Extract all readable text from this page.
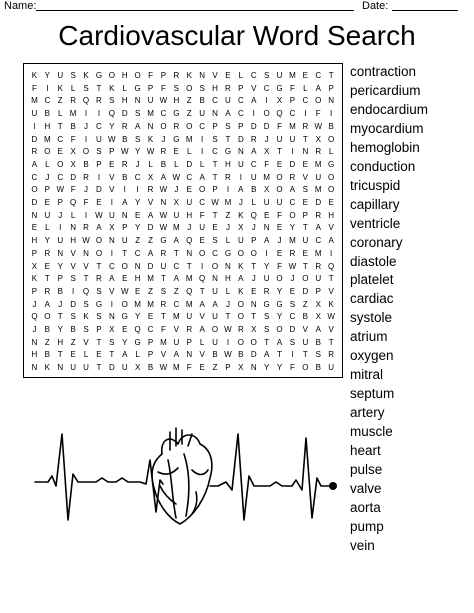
Name:	Date:
Cardiovascular Word Search
K Y U S K G O H O F P R K N V E	L C S U M E C T
F	I	K	L	S T K	L G P F S O S H R P V C G F	L	A P
M C Z R Q R S H N U W H Z B C U C A	I	X P C O N
U B	L M	I	I	Q D S M C G Z U N A C	I	O Q C	I	F	I
I	H T B	J	C Y R A N O R O C P S P D D F M R W B
D M C F	I	U W B S K	J G M	I	S T D R	J	U U T X O
R O E X O S P W Y W R E	L	I	C G N A X T	I	N R L
A	L O X B P E R	J	L	B	L D L	T H U C F E D E M G
C	J	C D R	I	V B C X A W C A T R	I	U M O R V U O
O P W F	J	D V	I	I	R W J	E O P	I	A B X O A S M O
D E P Q F E	I	A Y V N X U C W M J	L U U C E D E
N U	J	L	I	W U N E A W U H F	T	Z K Q E F O P R H
E	L	I	N R A X P Y D W M J	U E	J	X	J	N E Y T A V
H Y U H W O N U Z	Z G A Q E S	L U P A	J M U C A
P R N V N O	I	T C A R T N O C G O O	I	E R E M	I
X E Y V V T C O N D U C T	I	O N K T Y F W T R Q
K T P S T R A E H M T A M Q N H A	J	U O J O U T
P R B	I	Q S V W E Z S Z Q T U L K E R Y E D P V
J	A	J	D S G	I	O M M R C M A A	J O N G G S Z X K
Q O T S K S N G Y E T M U V U T O T S Y C B X W
J	B Y B S P X E Q C F V R A O W R X S O D V A V
N Z H Z V T S Y G P M U P	L U	I	O O T A S U B T
H B T E	L	E T A	L	P V A N V B W B D A T	I	T S R
N K N U U T D U X B W M F E Z P X N Y Y F O B U
contraction
pericardium
endocardium
myocardium
hemoglobin
conduction
tricuspid
capillary
ventricle
coronary
diastole
platelet
cardiac
systole
atrium
oxygen
mitral
septum
artery
muscle
heart
pulse
valve
aorta
pump
vein
